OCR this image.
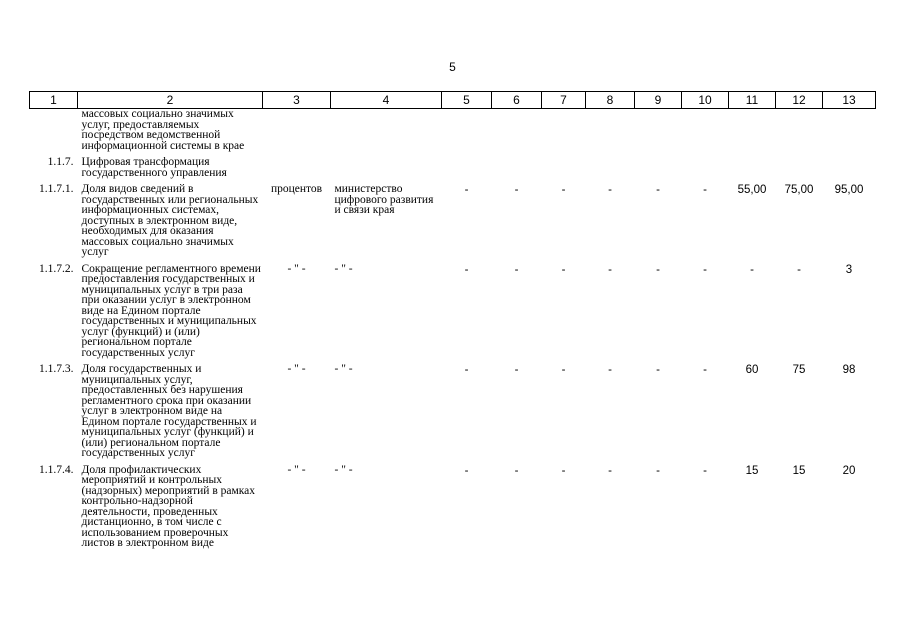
5
1	2	3	4	5	6	7	8	9	10	11	12	13
	массовых социально значимых услуг, предоставляемых посредством ведомственной информационной системы в крае											
1.1.7.	Цифровая трансформация государственного управления											
1.1.7.1.	Доля видов сведений в государственных или региональных информационных системах, доступных в электронном виде, необходимых для оказания массовых социально значимых услуг	процентов	министерство цифрового развития и связи края	-	-	-	-	-	-	55,00	75,00	95,00
1.1.7.2.	Сокращение регламентного времени предоставления государственных и муниципальных услуг в три раза при оказании услуг в электронном виде на Едином портале государственных и муниципальных услуг (функций) и (или) региональном портале государственных услуг	- " -	- " -	-	-	-	-	-	-	-	-	3
1.1.7.3.	Доля государственных и муниципальных услуг, предоставленных без нарушения регламентного срока при оказании услуг в электронном виде на Едином портале государственных и муниципальных услуг (функций) и (или) региональном портале государственных услуг	- " -	- " -	-	-	-	-	-	-	60	75	98
1.1.7.4.	Доля профилактических мероприятий и контрольных (надзорных) мероприятий в рамках контрольно-надзорной деятельности, проведенных дистанционно, в том числе с использованием проверочных листов в электронном виде	- " -	- " -	-	-	-	-	-	-	15	15	20
